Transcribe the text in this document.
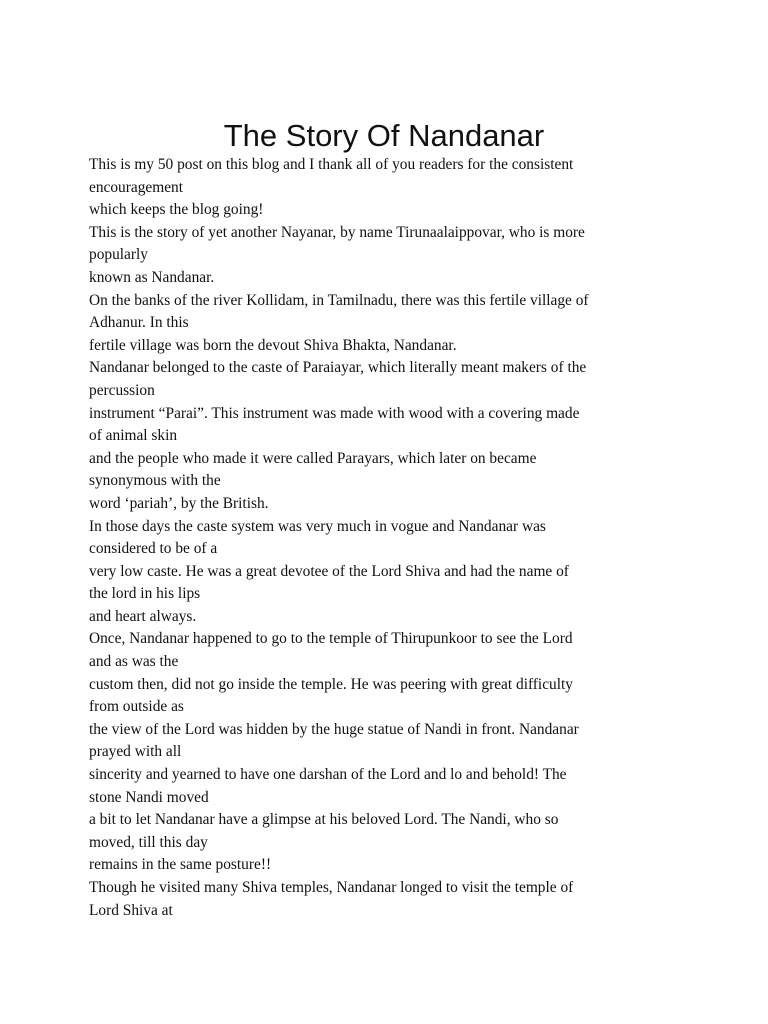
The Story Of Nandanar
This is my 50 post on this blog and I thank all of you readers for the consistent
encouragement
which keeps the blog going!
This is the story of yet another Nayanar, by name Tirunaalaippovar, who is more
popularly
known as Nandanar.
On the banks of the river Kollidam, in Tamilnadu, there was this fertile village of
Adhanur. In this
fertile village was born the devout Shiva Bhakta, Nandanar.
Nandanar belonged to the caste of Paraiayar, which literally meant makers of the
percussion
instrument “Parai”. This instrument was made with wood with a covering made
of animal skin
and the people who made it were called Parayars, which later on became
synonymous with the
word ‘pariah’, by the British.
In those days the caste system was very much in vogue and Nandanar was
considered to be of a
very low caste. He was a great devotee of the Lord Shiva and had the name of
the lord in his lips
and heart always.
Once, Nandanar happened to go to the temple of Thirupunkoor to see the Lord
and as was the
custom then, did not go inside the temple. He was peering with great difficulty
from outside as
the view of the Lord was hidden by the huge statue of Nandi in front. Nandanar
prayed with all
sincerity and yearned to have one darshan of the Lord and lo and behold! The
stone Nandi moved
a bit to let Nandanar have a glimpse at his beloved Lord. The Nandi, who so
moved, till this day
remains in the same posture!!
Though he visited many Shiva temples, Nandanar longed to visit the temple of
Lord Shiva at
